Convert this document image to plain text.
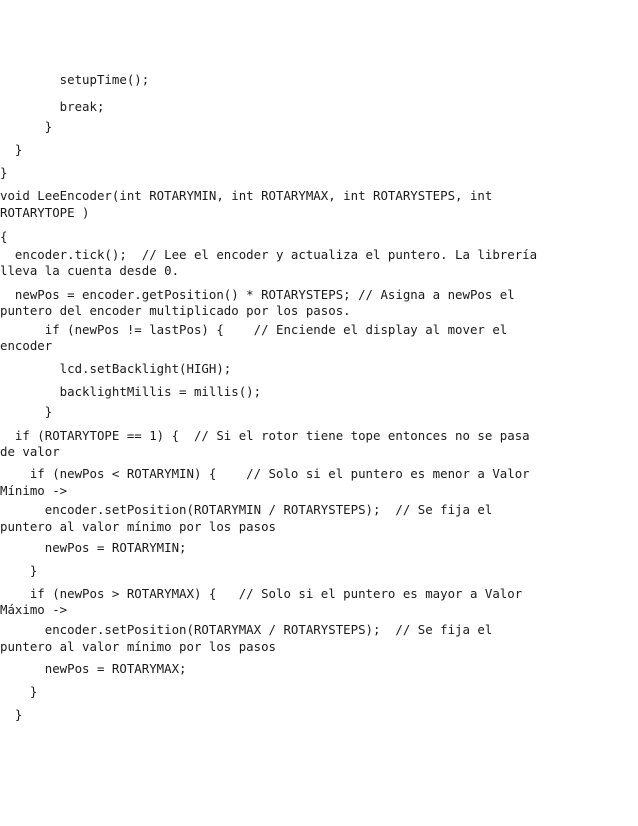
setupTime();
break;
}
}
}
void LeeEncoder(int ROTARYMIN, int ROTARYMAX, int ROTARYSTEPS, int
ROTARYTOPE )
{
encoder.tick();  // Lee el encoder y actualiza el puntero. La librería
lleva la cuenta desde 0.
newPos = encoder.getPosition() * ROTARYSTEPS; // Asigna a newPos el
puntero del encoder multiplicado por los pasos.
if (newPos != lastPos) {    // Enciende el display al mover el
encoder
lcd.setBacklight(HIGH);
backlightMillis = millis();
}
if (ROTARYTOPE == 1) {  // Si el rotor tiene tope entonces no se pasa
de valor
if (newPos < ROTARYMIN) {    // Solo si el puntero es menor a Valor
Mínimo ->
encoder.setPosition(ROTARYMIN / ROTARYSTEPS);  // Se fija el
puntero al valor mínimo por los pasos
newPos = ROTARYMIN;
}
if (newPos > ROTARYMAX) {   // Solo si el puntero es mayor a Valor
Máximo ->
encoder.setPosition(ROTARYMAX / ROTARYSTEPS);  // Se fija el
puntero al valor mínimo por los pasos
newPos = ROTARYMAX;
}
}
